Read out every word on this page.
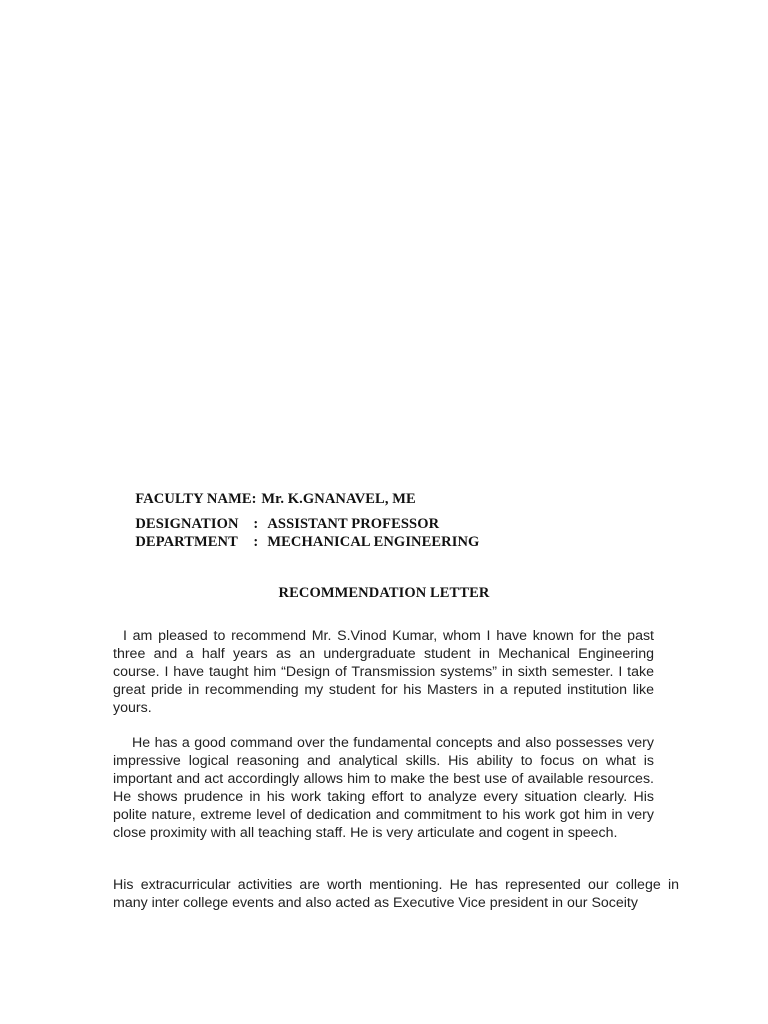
FACULTY NAME: Mr. K.GNANAVEL, ME

DESIGNATION : ASSISTANT PROFESSOR

DEPARTMENT : MECHANICAL ENGINEERING

RECOMMENDATION LETTER
I am pleased to recommend Mr. S.Vinod Kumar, whom I have known for the past three and a half years as an undergraduate student in Mechanical Engineering course. I have taught him “Design of Transmission systems” in sixth semester. I take great pride in recommending my student for his Masters in a reputed institution like yours.
He has a good command over the fundamental concepts and also possesses very impressive logical reasoning and analytical skills. His ability to focus on what is important and act accordingly allows him to make the best use of available resources. He shows prudence in his work taking effort to analyze every situation clearly. His polite nature, extreme level of dedication and commitment to his work got him in very close proximity with all teaching staff. He is very articulate and cogent in speech.
His extracurricular activities are worth mentioning. He has represented our college in many inter college events and also acted as Executive Vice president in our Soceity
